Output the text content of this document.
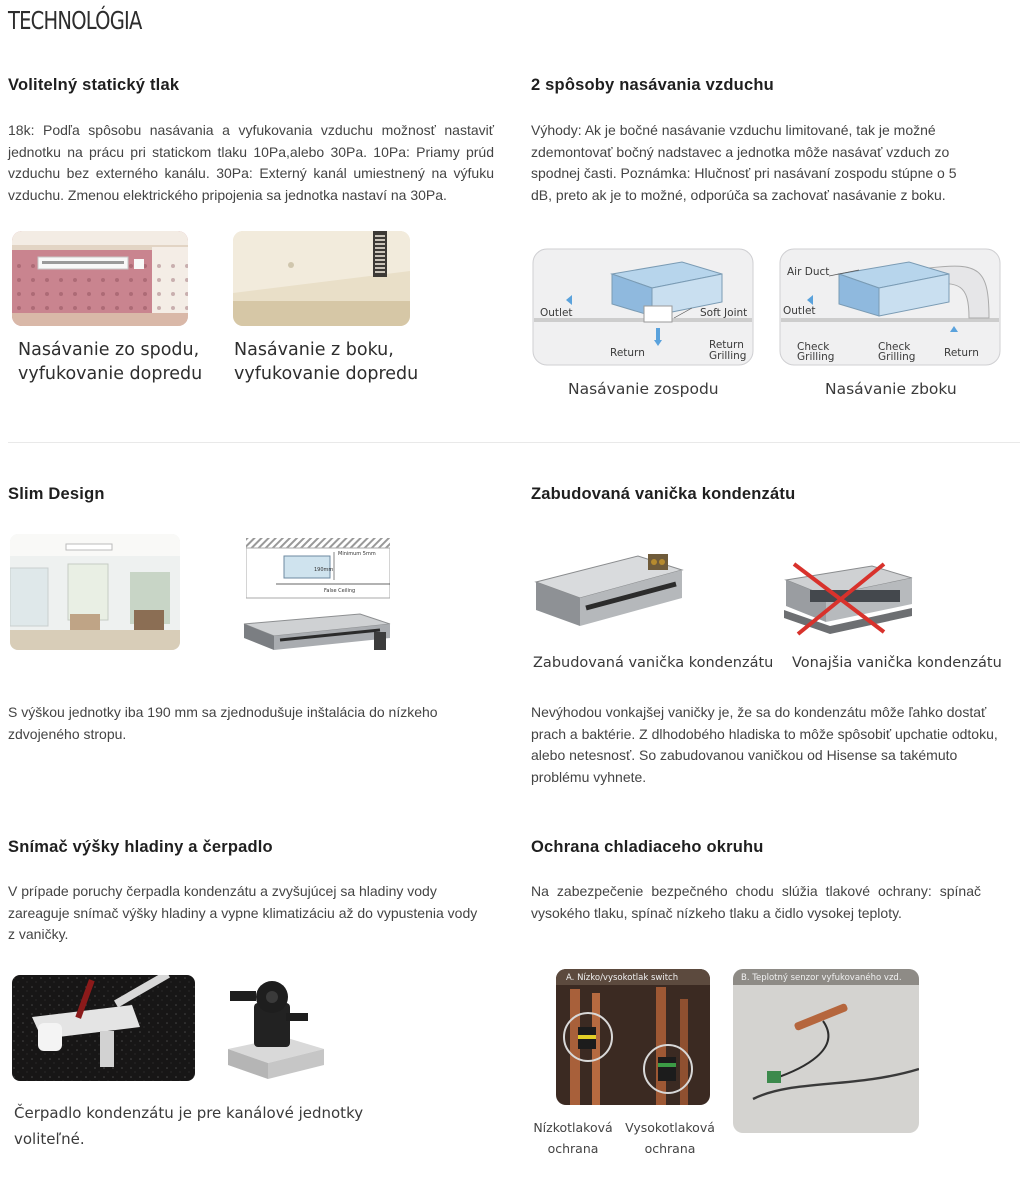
TECHNOLÓGIA
Volitelný statický tlak

18k: Podľa spôsobu nasávania a vyfukovania vzduchu možnosť nastaviť jednotku na prácu pri statickom tlaku 10Pa,alebo 30Pa. 10Pa: Priamy prúd vzduchu bez externého kanálu. 30Pa: Externý kanál umiestnený na výfuku vzduchu. Zmenou elektrického pripojenia sa jednotka nastaví na 30Pa.

Nasávanie zo spodu,
vyfukovanie dopredu
Nasávanie z boku,
vyfukovanie dopredu
2 spôsoby nasávania vzduchu

Výhody: Ak je bočné nasávanie vzduchu limitované, tak je možné zdemontovať bočný nadstavec a jednotka môže nasávať vzduch zo spodnej časti. Poznámka: Hlučnosť pri nasávaní zospodu stúpne o 5 dB, preto ak je to možné, odporúča sa zachovať nasávanie z boku.

Outlet	Soft Joint
Return
Return
Grilling
Air Duct
Outlet
Check
Grilling
Check
Grilling	Return
Nasávanie zospodu	Nasávanie zboku
Slim Design
Minimum 5mm
190mm
False Ceiling

S výškou jednotky iba 190 mm sa zjednodušuje inštalácia do nízkeho zdvojeného stropu.

Zabudovaná vanička kondenzátu
Zabudovaná vanička kondenzátu Vonajšia vanička kondenzátu

Nevýhodou vonkajšej vaničky je, že sa do kondenzátu môže ľahko dostať prach a baktérie. Z dlhodobého hladiska to môže spôsobiť upchatie odtoku, alebo netesnosť. So zabudovanou vaničkou od Hisense sa takémuto problému vyhnete.

Snímač výšky hladiny a čerpadlo

V prípade poruchy čerpadla kondenzátu a zvyšujúcej sa hladiny vody zareaguje snímač výšky hladiny a vypne klimatizáciu až do vypustenia vody z vaničky.

Čerpadlo kondenzátu je pre kanálové jednotky
voliteľné.
Ochrana chladiaceho okruhu

Na zabezpečenie bezpečného chodu slúžia tlakové ochrany: spínač vysokého tlaku, spínač nízkeho tlaku a čidlo vysokej teploty.

A. Nízko/vysokotlak switch	B. Teplotný senzor vyfukovaného vzd.
Nízkotlaková
ochrana
Vysokotlaková
ochrana
